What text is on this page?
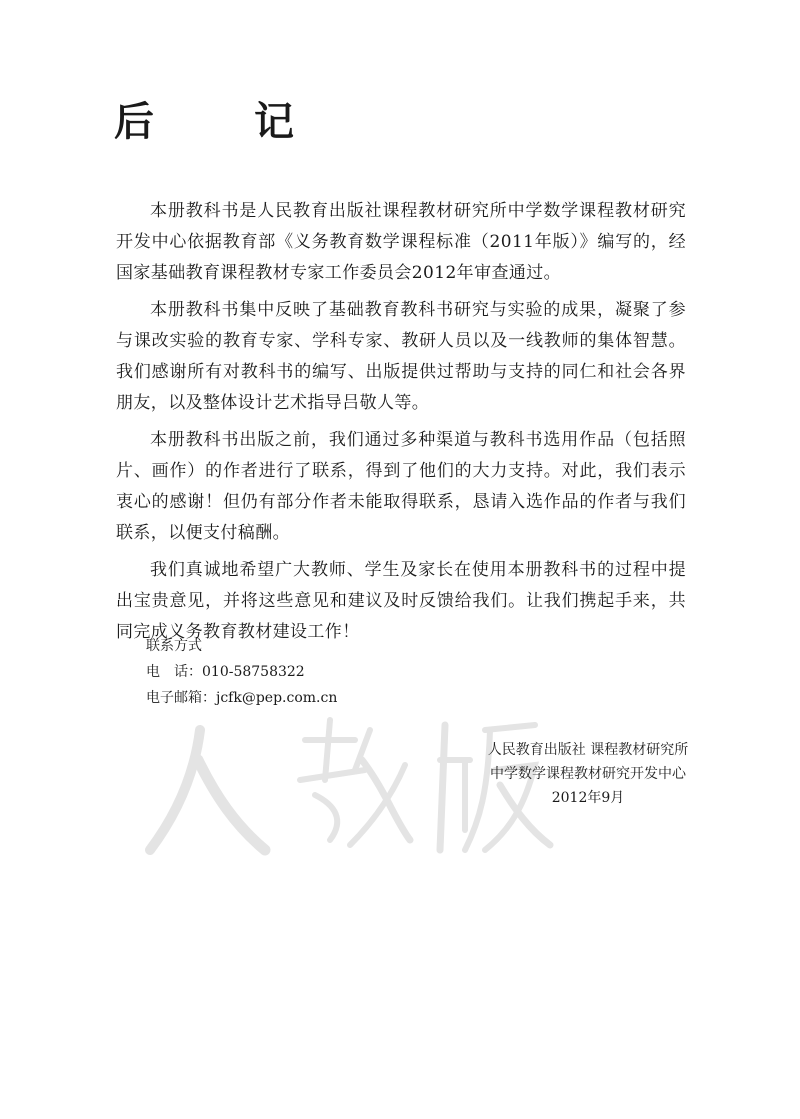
后　记

本册教科书是人民教育出版社课程教材研究所中学数学课程教材研究开发中心依据教育部《义务教育数学课程标准（2011年版）》编写的，经国家基础教育课程教材专家工作委员会2012年审查通过。

本册教科书集中反映了基础教育教科书研究与实验的成果，凝聚了参与课改实验的教育专家、学科专家、教研人员以及一线教师的集体智慧。我们感谢所有对教科书的编写、出版提供过帮助与支持的同仁和社会各界朋友，以及整体设计艺术指导吕敬人等。

本册教科书出版之前，我们通过多种渠道与教科书选用作品（包括照片、画作）的作者进行了联系，得到了他们的大力支持。对此，我们表示衷心的感谢！但仍有部分作者未能取得联系，恳请入选作品的作者与我们联系，以便支付稿酬。

我们真诚地希望广大教师、学生及家长在使用本册教科书的过程中提出宝贵意见，并将这些意见和建议及时反馈给我们。让我们携起手来，共同完成义务教育教材建设工作！

联系方式
电　话：010-58758322
电子邮箱：jcfk@pep.com.cn
人民教育出版社 课程教材研究所
中学数学课程教材研究开发中心
2012年9月
